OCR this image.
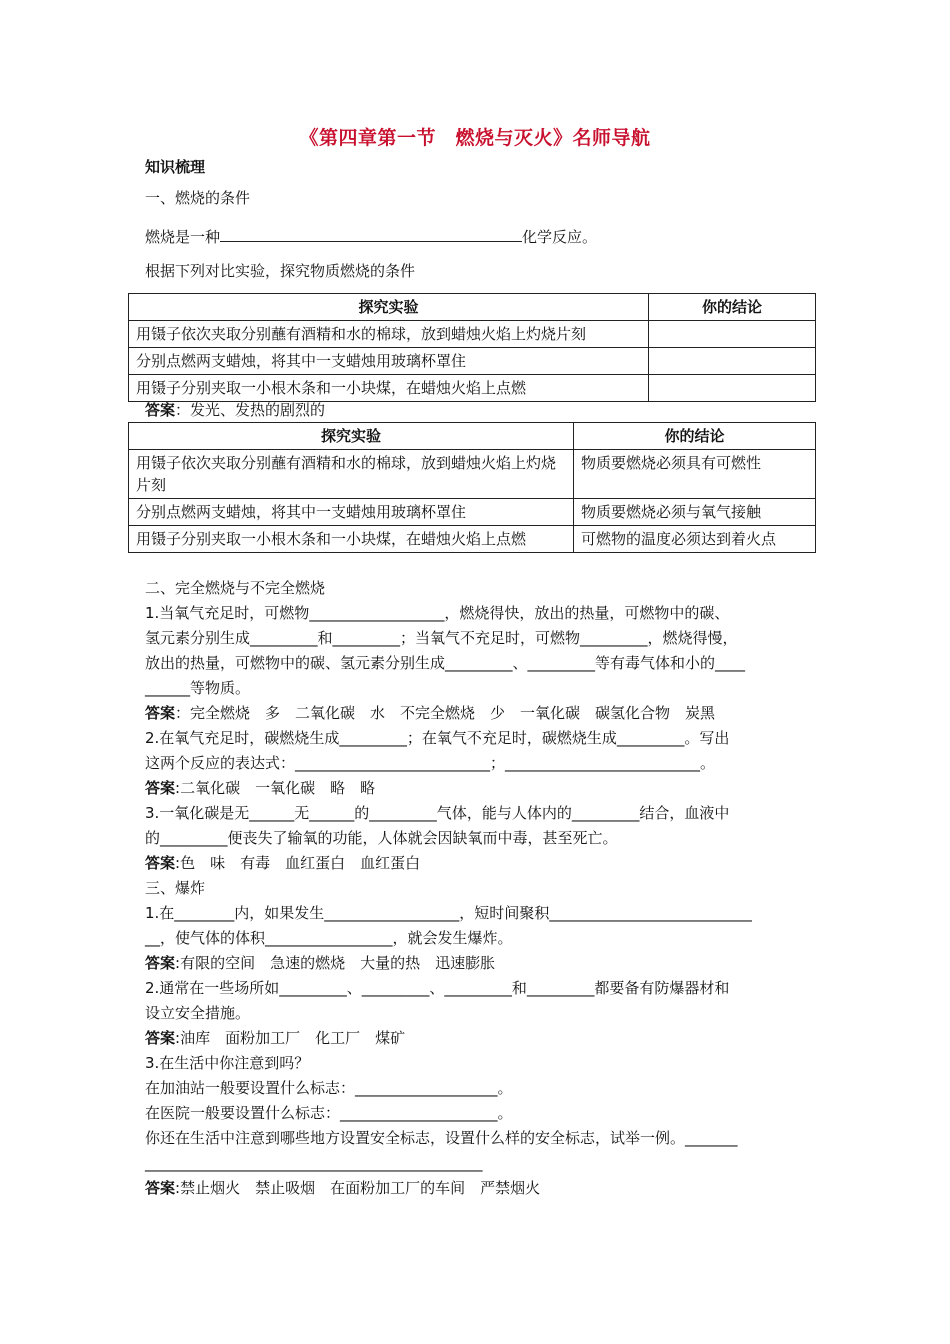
《第四章第一节　燃烧与灭火》名师导航
知识梳理
一、燃烧的条件
燃烧是一种	化学反应。
根据下列对比实验，探究物质燃烧的条件
探究实验	你的结论
用镊子依次夹取分别蘸有酒精和水的棉球，放到蜡烛火焰上灼烧片刻	
分别点燃两支蜡烛，将其中一支蜡烛用玻璃杯罩住	
用镊子分别夹取一小根木条和一小块煤，在蜡烛火焰上点燃	
答案：发光、发热的剧烈的
探究实验	你的结论
用镊子依次夹取分别蘸有酒精和水的棉球，放到蜡烛火焰上灼烧片刻	物质要燃烧必须具有可燃性
分别点燃两支蜡烛，将其中一支蜡烛用玻璃杯罩住	物质要燃烧必须与氧气接触
用镊子分别夹取一小根木条和一小块煤，在蜡烛火焰上点燃	可燃物的温度必须达到着火点
二、完全燃烧与不完全燃烧
1.当氧气充足时，可燃物__________________，燃烧得快，放出的热量，可燃物中的碳、
氢元素分别生成_________和_________；当氧气不充足时，可燃物_________，燃烧得慢，
放出的热量，可燃物中的碳、氢元素分别生成_________、_________等有毒气体和小的____
______等物质。
答案：完全燃烧　多　二氧化碳　水　不完全燃烧　少　一氧化碳　碳氢化合物　炭黑
2.在氧气充足时，碳燃烧生成_________；在氧气不充足时，碳燃烧生成_________。写出
这两个反应的表达式：__________________________；__________________________。
答案:二氧化碳　一氧化碳　略　略
3.一氧化碳是无______无______的_________气体，能与人体内的_________结合，血液中
的_________便丧失了输氧的功能，人体就会因缺氧而中毒，甚至死亡。
答案:色　味　有毒　血红蛋白　血红蛋白
三、爆炸
1.在________内，如果发生__________________，短时间聚积___________________________
__，使气体的体积_________________，就会发生爆炸。
答案:有限的空间　急速的燃烧　大量的热　迅速膨胀
2.通常在一些场所如_________、_________、_________和_________都要备有防爆器材和
设立安全措施。
答案:油库　面粉加工厂　化工厂　煤矿
3.在生活中你注意到吗？
在加油站一般要设置什么标志：___________________。
在医院一般要设置什么标志：_____________________。
你还在生活中注意到哪些地方设置安全标志，设置什么样的安全标志，试举一例。_______
_____________________________________________
答案:禁止烟火　禁止吸烟　在面粉加工厂的车间　严禁烟火
